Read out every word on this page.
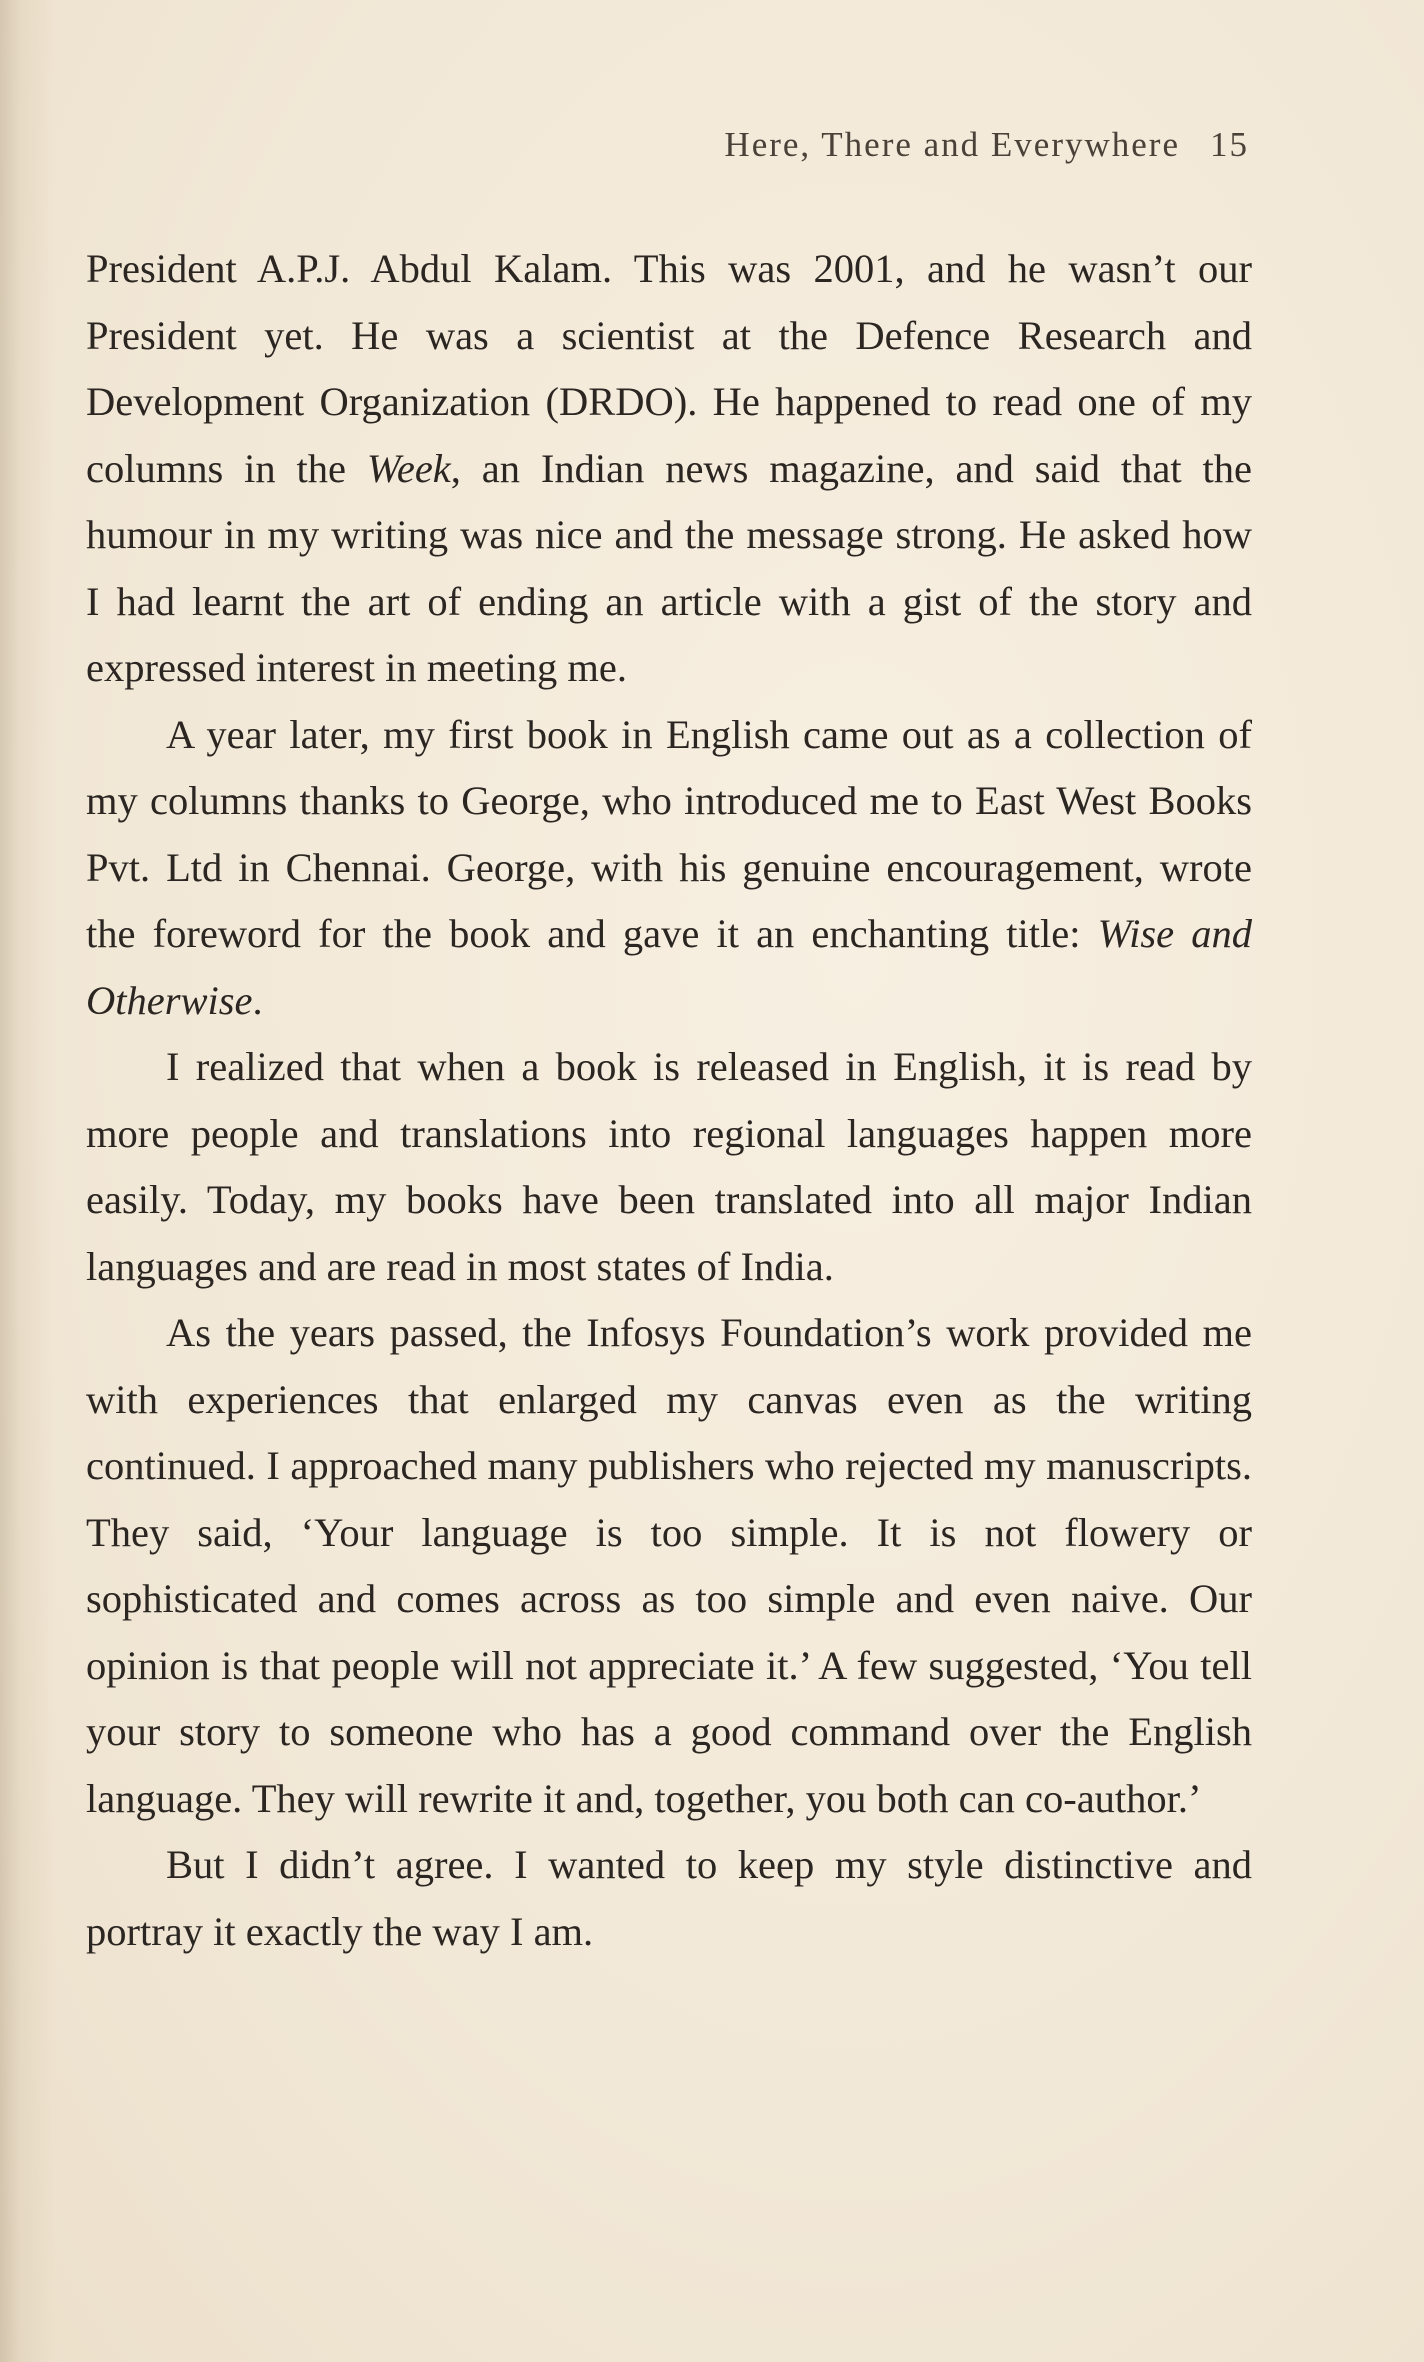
Here, There and Everywhere 15

President A.P.J. Abdul Kalam. This was 2001, and he wasn’t our President yet. He was a scientist at the Defence Research and Development Organization (DRDO). He happened to read one of my columns in the Week, an Indian news magazine, and said that the humour in my writing was nice and the message strong. He asked how I had learnt the art of ending an article with a gist of the story and expressed interest in meeting me.

A year later, my first book in English came out as a collection of my columns thanks to George, who introduced me to East West Books Pvt. Ltd in Chennai. George, with his genuine encouragement, wrote the foreword for the book and gave it an enchanting title: Wise and Otherwise.

I realized that when a book is released in English, it is read by more people and translations into regional languages happen more easily. Today, my books have been translated into all major Indian languages and are read in most states of India.

As the years passed, the Infosys Foundation’s work provided me with experiences that enlarged my canvas even as the writing continued. I approached many publishers who rejected my manuscripts. They said, ‘Your language is too simple. It is not flowery or sophisticated and comes across as too simple and even naive. Our opinion is that people will not appreciate it.’ A few suggested, ‘You tell your story to someone who has a good command over the English language. They will rewrite it and, together, you both can co-author.’

But I didn’t agree. I wanted to keep my style distinctive and portray it exactly the way I am.
